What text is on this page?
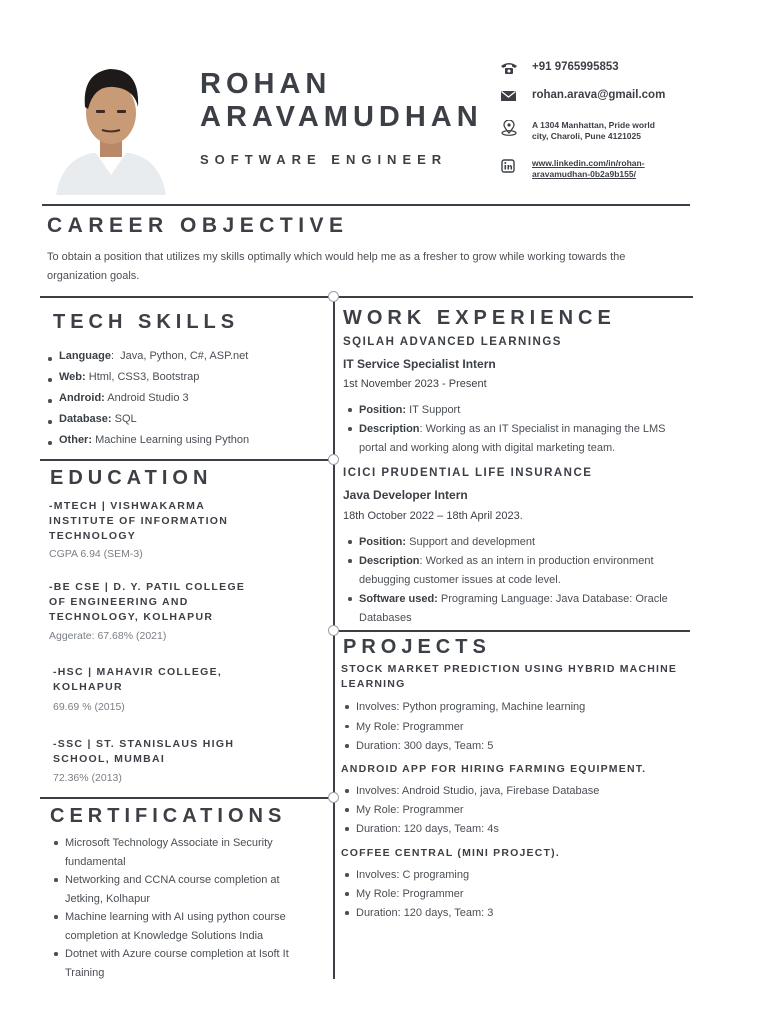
ROHAN
ARAVAMUDHAN
SOFTWARE ENGINEER
+91 9765995853
rohan.arava@gmail.com
A 1304 Manhattan, Pride world
city, Charoli, Pune 4121025
www.linkedin.com/in/rohan-
aravamudhan-0b2a9b155/
CAREER OBJECTIVE
To obtain a position that utilizes my skills optimally which would help me as a fresher to grow while working towards the organization goals.
TECH SKILLS
Language:  Java, Python, C#, ASP.net
Web: Html, CSS3, Bootstrap
Android: Android Studio 3
Database: SQL
Other: Machine Learning using Python
EDUCATION
-MTECH | VISHWAKARMA
INSTITUTE OF INFORMATION
TECHNOLOGY
CGPA 6.94 (SEM-3)
-BE CSE | D. Y. PATIL COLLEGE
OF ENGINEERING AND
TECHNOLOGY, KOLHAPUR
Aggerate: 67.68% (2021)
-HSC | MAHAVIR COLLEGE,
KOLHAPUR
69.69 % (2015)
-SSC | ST. STANISLAUS HIGH
SCHOOL, MUMBAI
72.36% (2013)
CERTIFICATIONS
Microsoft Technology Associate in Security
fundamental
Networking and CCNA course completion at
Jetking, Kolhapur
Machine learning with AI using python course
completion at Knowledge Solutions India
Dotnet with Azure course completion at Isoft It
Training
WORK EXPERIENCE
SQILAH ADVANCED LEARNINGS
IT Service Specialist Intern
1st November 2023 - Present
Position: IT Support
Description: Working as an IT Specialist in managing the LMS
portal and working along with digital marketing team.
ICICI PRUDENTIAL LIFE INSURANCE
Java Developer Intern
18th October 2022 – 18th April 2023.
Position: Support and development
Description: Worked as an intern in production environment
debugging customer issues at code level.
Software used: Programing Language: Java Database: Oracle
Databases
PROJECTS
STOCK MARKET PREDICTION USING HYBRID MACHINE
LEARNING
Involves: Python programing, Machine learning
My Role: Programmer
Duration: 300 days, Team: 5
ANDROID APP FOR HIRING FARMING EQUIPMENT.
Involves: Android Studio, java, Firebase Database
My Role: Programmer
Duration: 120 days, Team: 4s
COFFEE CENTRAL (MINI PROJECT).
Involves: C programing
My Role: Programmer
Duration: 120 days, Team: 3
